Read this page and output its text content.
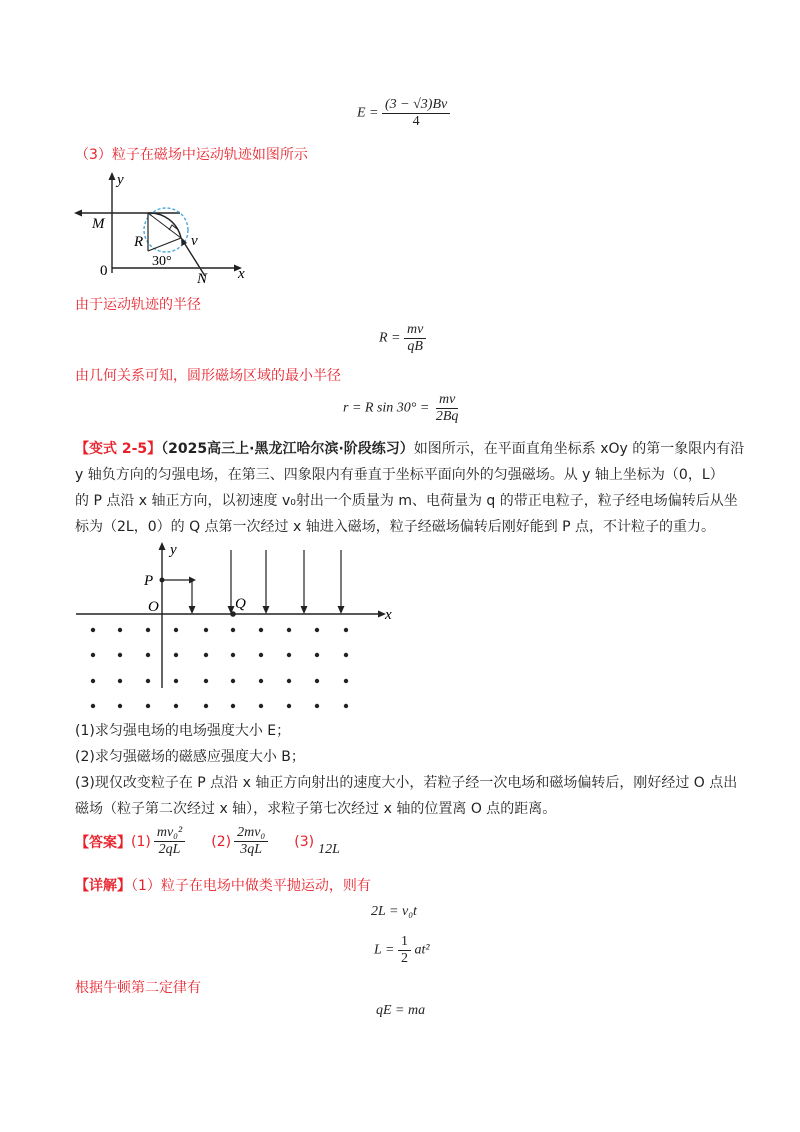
$E = \frac{(3 - √3)Bv}{4}$
（3）粒子在磁场中运动轨迹如图所示
y
M
R	v
30°
0	N x
由于运动轨迹的半径
$R = \frac{mv}{qB}$
由几何关系可知，圆形磁场区域的最小半径
r = R $\sin 30^\circ = \frac{mv}{2Bq}$
【变式 2-5】（2025高三上·黑龙江哈尔滨·阶段练习）如图所示，在平面直角坐标系 xOy 的第一象限内有沿
y 轴负方向的匀强电场，在第三、四象限内有垂直于坐标平面向外的匀强磁场。从 y 轴上坐标为（0，L）
的 P 点沿 x 轴正方向，以初速度 v₀射出一个质量为 m、电荷量为 q 的带正电粒子，粒子经电场偏转后从坐
标为（2L，0）的 Q 点第一次经过 x 轴进入磁场，粒子经磁场偏转后刚好能到 P 点，不计粒子的重力。
y
P
O	Q
x
(1)求匀强电场的电场强度大小 E；
(2)求匀强磁场的磁感应强度大小 B；
(3)现仅改变粒子在 P 点沿 x 轴正方向射出的速度大小，若粒子经一次电场和磁场偏转后，刚好经过 O 点出
磁场（粒子第二次经过 x 轴），求粒子第七次经过 x 轴的位置离 O 点的距离。
【答案】 $(1) \frac{\text{mv₀²}}{2qL} (2) \frac{\text{2mv₀}}{3qL} (3)$ 12L
【详解】（1）粒子在电场中做类平抛运动，则有
2L = v₀t
$L = \frac{1}{2} at^2$
根据牛顿第二定律有
qE = ma
